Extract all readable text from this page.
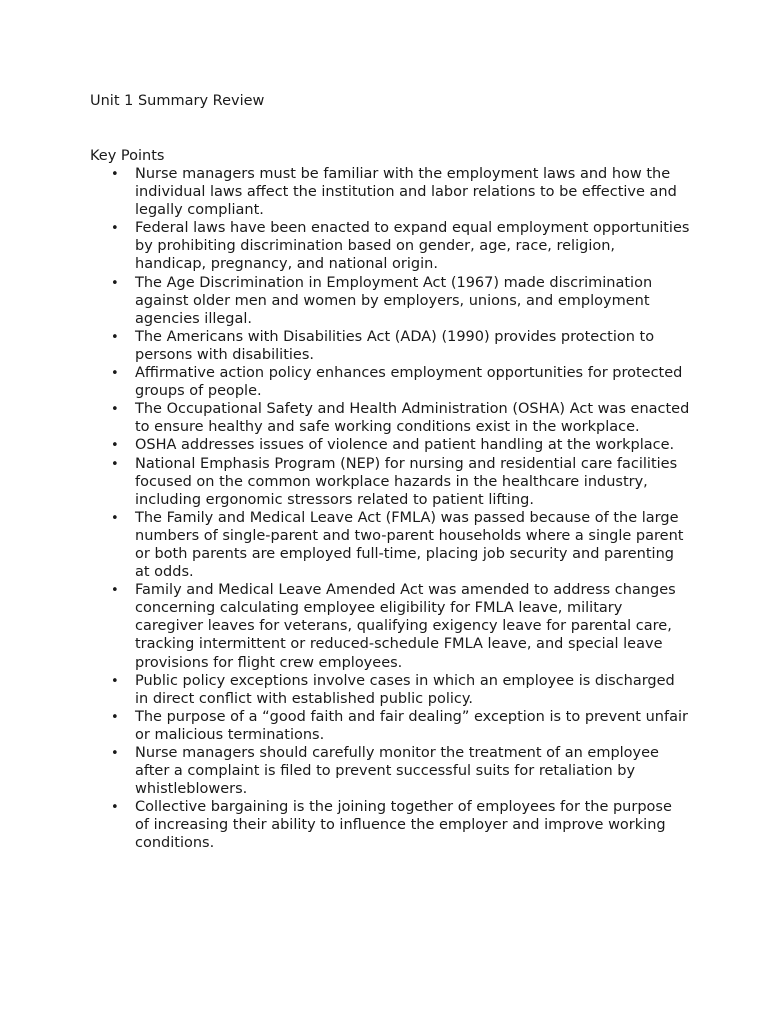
Unit 1 Summary Review
Key Points
•
Nurse managers must be familiar with the employment laws and how the individual laws affect the institution and labor relations to be effective and legally compliant.
•
Federal laws have been enacted to expand equal employment opportunities by prohibiting discrimination based on gender, age, race, religion, handicap, pregnancy, and national origin.
•
The Age Discrimination in Employment Act (1967) made discrimination against older men and women by employers, unions, and employment agencies illegal.
•
The Americans with Disabilities Act (ADA) (1990) provides protection to persons with disabilities.
•
Affirmative action policy enhances employment opportunities for protected groups of people.
•
The Occupational Safety and Health Administration (OSHA) Act was enacted to ensure healthy and safe working conditions exist in the workplace.
•
OSHA addresses issues of violence and patient handling at the workplace.
•
National Emphasis Program (NEP) for nursing and residential care facilities focused on the common workplace hazards in the healthcare industry, including ergonomic stressors related to patient lifting.
•
The Family and Medical Leave Act (FMLA) was passed because of the large numbers of single-parent and two-parent households where a single parent or both parents are employed full-time, placing job security and parenting at odds.
•
Family and Medical Leave Amended Act was amended to address changes concerning calculating employee eligibility for FMLA leave, military caregiver leaves for veterans, qualifying exigency leave for parental care, tracking intermittent or reduced-schedule FMLA leave, and special leave provisions for flight crew employees.
•
Public policy exceptions involve cases in which an employee is discharged in direct conflict with established public policy.
•
The purpose of a “good faith and fair dealing” exception is to prevent unfair or malicious terminations.
•
Nurse managers should carefully monitor the treatment of an employee after a complaint is filed to prevent successful suits for retaliation by whistleblowers.
•
Collective bargaining is the joining together of employees for the purpose of increasing their ability to influence the employer and improve working conditions.
